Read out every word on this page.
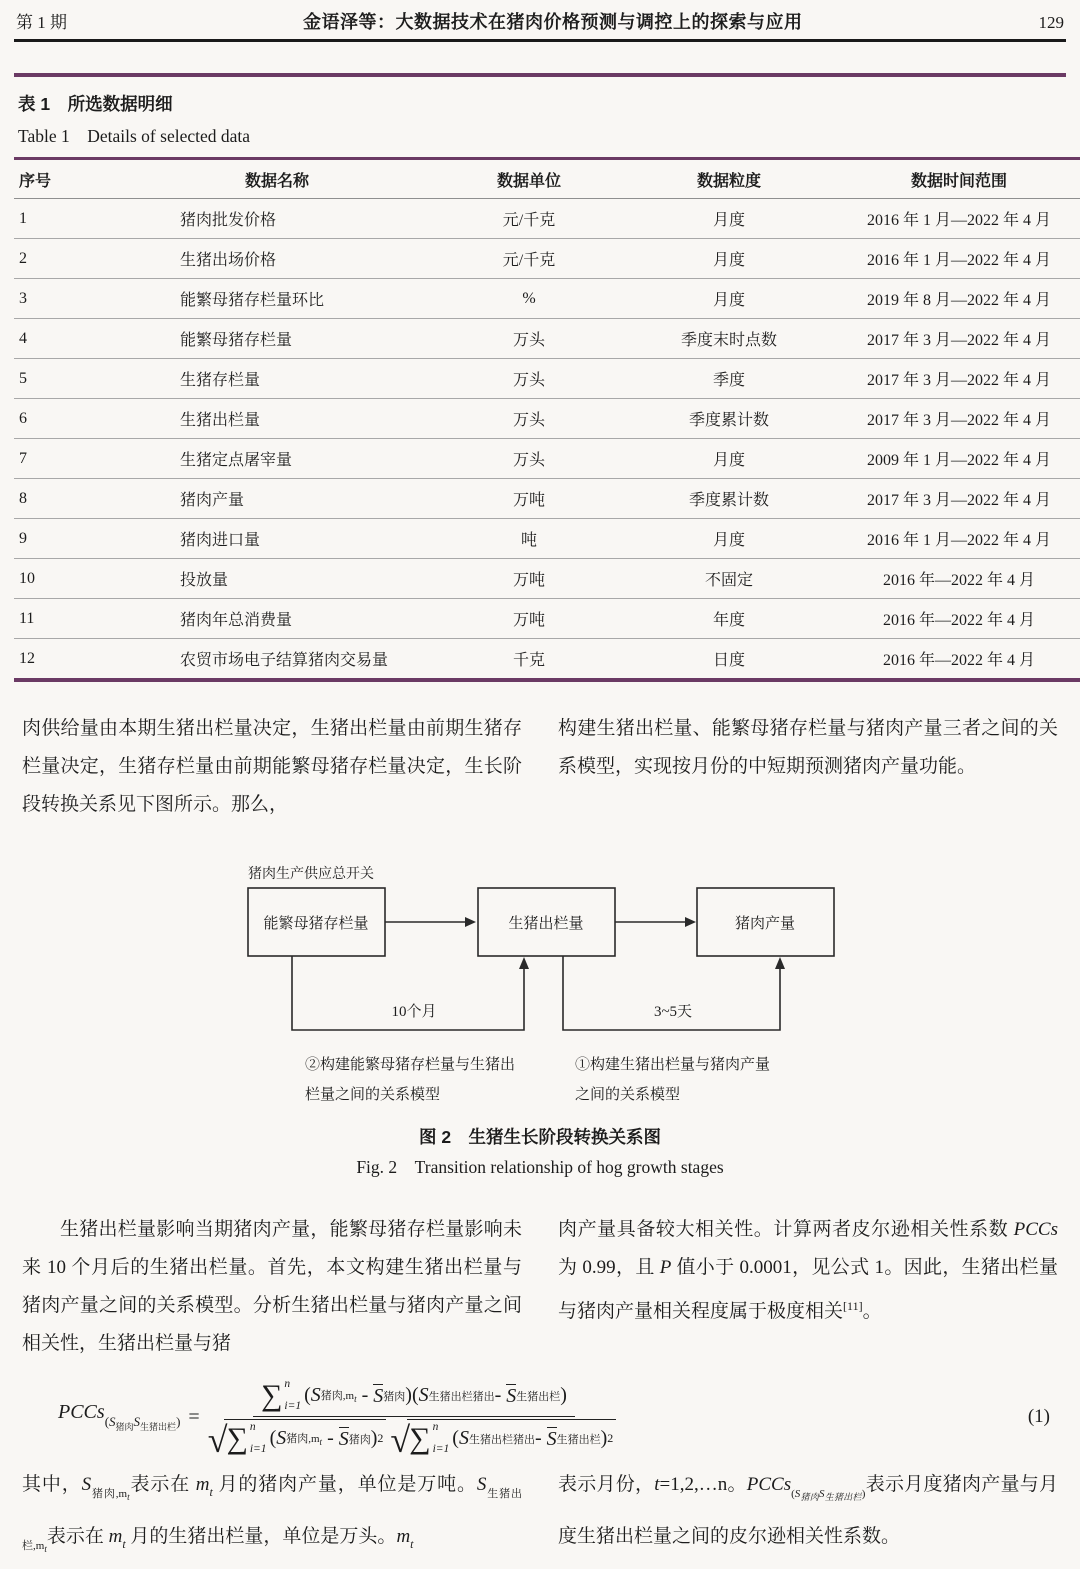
第 1 期	金语泽等：大数据技术在猪肉价格预测与调控上的探索与应用	129
表 1　所选数据明细
Table 1　Details of selected data
序号	数据名称	数据单位	数据粒度	数据时间范围
1	猪肉批发价格	元/千克	月度	2016 年 1 月—2022 年 4 月
2	生猪出场价格	元/千克	月度	2016 年 1 月—2022 年 4 月
3	能繁母猪存栏量环比	%	月度	2019 年 8 月—2022 年 4 月
4	能繁母猪存栏量	万头	季度末时点数	2017 年 3 月—2022 年 4 月
5	生猪存栏量	万头	季度	2017 年 3 月—2022 年 4 月
6	生猪出栏量	万头	季度累计数	2017 年 3 月—2022 年 4 月
7	生猪定点屠宰量	万头	月度	2009 年 1 月—2022 年 4 月
8	猪肉产量	万吨	季度累计数	2017 年 3 月—2022 年 4 月
9	猪肉进口量	吨	月度	2016 年 1 月—2022 年 4 月
10	投放量	万吨	不固定	2016 年—2022 年 4 月
11	猪肉年总消费量	万吨	年度	2016 年—2022 年 4 月
12	农贸市场电子结算猪肉交易量	千克	日度	2016 年—2022 年 4 月

肉供给量由本期生猪出栏量决定，生猪出栏量由前期生猪存栏量决定，生猪存栏量由前期能繁母猪存栏量决定，生长阶段转换关系见下图所示。那么，

构建生猪出栏量、能繁母猪存栏量与猪肉产量三者之间的关系模型，实现按月份的中短期预测猪肉产量功能。

猪肉生产供应总开关
能繁母猪存栏量	生猪出栏量	猪肉产量
10个月	3~5天
②构建能繁母猪存栏量与生猪出
栏量之间的关系模型
①构建生猪出栏量与猪肉产量
之间的关系模型
图 2　生猪生长阶段转换关系图
Fig. 2　Transition relationship of hog growth stages

生猪出栏量影响当期猪肉产量，能繁母猪存栏量影响未来 10 个月后的生猪出栏量。首先，本文构建生猪出栏量与猪肉产量之间的关系模型。分析生猪出栏量与猪肉产量之间相关性，生猪出栏量与猪

肉产量具备较大相关性。计算两者皮尔逊相关性系数 PCCs 为 0.99，且 P 值小于 0.0001，见公式 1。因此，生猪出栏量与猪肉产量相关程度属于极度相关[11]。

PCCs$_{(S_{猪肉}S_{生猪出栏})}$ =
∑ n
i=1 ( S 猪肉$,m_t$
-
S 猪肉 ) ( S 生猪出栏猪出 -
S 生猪出栏 )
√ ∑ n
i=1 ( S 猪肉$,m_t$
-
S 猪肉 ) 2 √ ∑ n
i=1 ( S 生猪出栏猪出 -
S 生猪出栏 ) 2
(1)

其中，$S_{猪肉,m_t}$表示在 $m_t$ 月的猪肉产量，单位是万吨。$S_{生猪出栏,m_t}$表示在 $m_t$ 月的生猪出栏量，单位是万头。$m_t$

表示月份，t=1,2,…n。PCCs$_{(S_{猪肉}S_{生猪出栏})}$表示月度猪肉产量与月度生猪出栏量之间的皮尔逊相关性系数。
